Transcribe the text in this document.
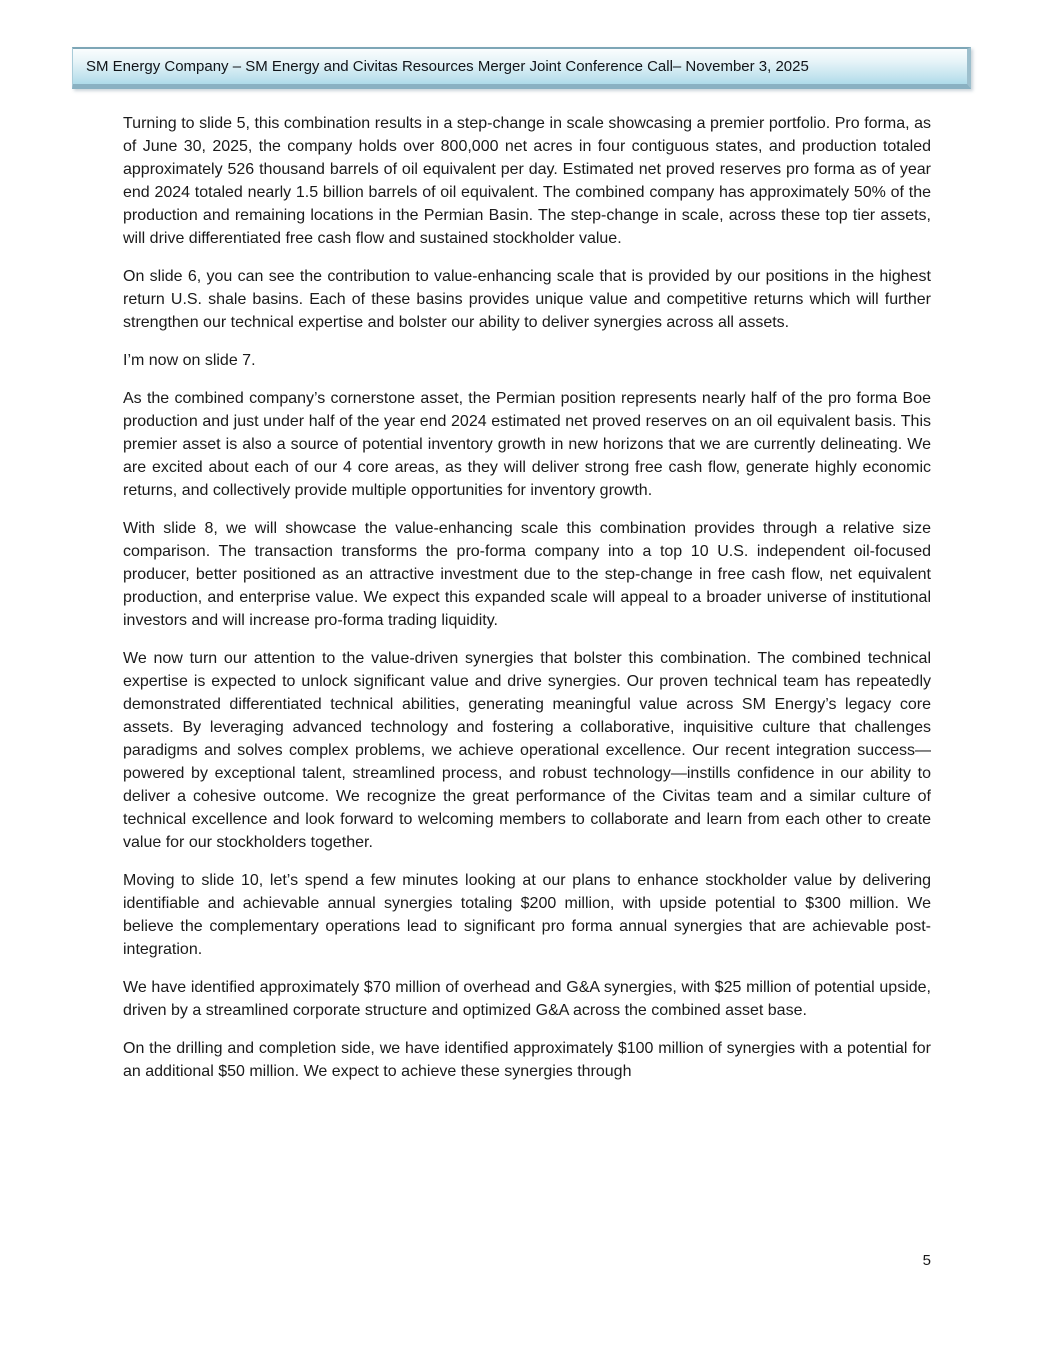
SM Energy Company – SM Energy and Civitas Resources Merger Joint Conference Call– November 3, 2025

Turning to slide 5, this combination results in a step-change in scale showcasing a premier portfolio. Pro forma, as of June 30, 2025, the company holds over 800,000 net acres in four contiguous states, and production totaled approximately 526 thousand barrels of oil equivalent per day. Estimated net proved reserves pro forma as of year end 2024 totaled nearly 1.5 billion barrels of oil equivalent. The combined company has approximately 50% of the production and remaining locations in the Permian Basin. The step-change in scale, across these top tier assets, will drive differentiated free cash flow and sustained stockholder value.

On slide 6, you can see the contribution to value-enhancing scale that is provided by our positions in the highest return U.S. shale basins. Each of these basins provides unique value and competitive returns which will further strengthen our technical expertise and bolster our ability to deliver synergies across all assets.

I’m now on slide 7.

As the combined company’s cornerstone asset, the Permian position represents nearly half of the pro forma Boe production and just under half of the year end 2024 estimated net proved reserves on an oil equivalent basis. This premier asset is also a source of potential inventory growth in new horizons that we are currently delineating. We are excited about each of our 4 core areas, as they will deliver strong free cash flow, generate highly economic returns, and collectively provide multiple opportunities for inventory growth.

With slide 8, we will showcase the value-enhancing scale this combination provides through a relative size comparison. The transaction transforms the pro-forma company into a top 10 U.S. independent oil-focused producer, better positioned as an attractive investment due to the step-change in free cash flow, net equivalent production, and enterprise value. We expect this expanded scale will appeal to a broader universe of institutional investors and will increase pro-forma trading liquidity.

We now turn our attention to the value-driven synergies that bolster this combination. The combined technical expertise is expected to unlock significant value and drive synergies. Our proven technical team has repeatedly demonstrated differentiated technical abilities, generating meaningful value across SM Energy’s legacy core assets. By leveraging advanced technology and fostering a collaborative, inquisitive culture that challenges paradigms and solves complex problems, we achieve operational excellence. Our recent integration success—powered by exceptional talent, streamlined process, and robust technology—instills confidence in our ability to deliver a cohesive outcome. We recognize the great performance of the Civitas team and a similar culture of technical excellence and look forward to welcoming members to collaborate and learn from each other to create value for our stockholders together.

Moving to slide 10, let’s spend a few minutes looking at our plans to enhance stockholder value by delivering identifiable and achievable annual synergies totaling $200 million, with upside potential to $300 million. We believe the complementary operations lead to significant pro forma annual synergies that are achievable post-integration.

We have identified approximately $70 million of overhead and G&A synergies, with $25 million of potential upside, driven by a streamlined corporate structure and optimized G&A across the combined asset base.

On the drilling and completion side, we have identified approximately $100 million of synergies with a potential for an additional $50 million. We expect to achieve these synergies through

5
